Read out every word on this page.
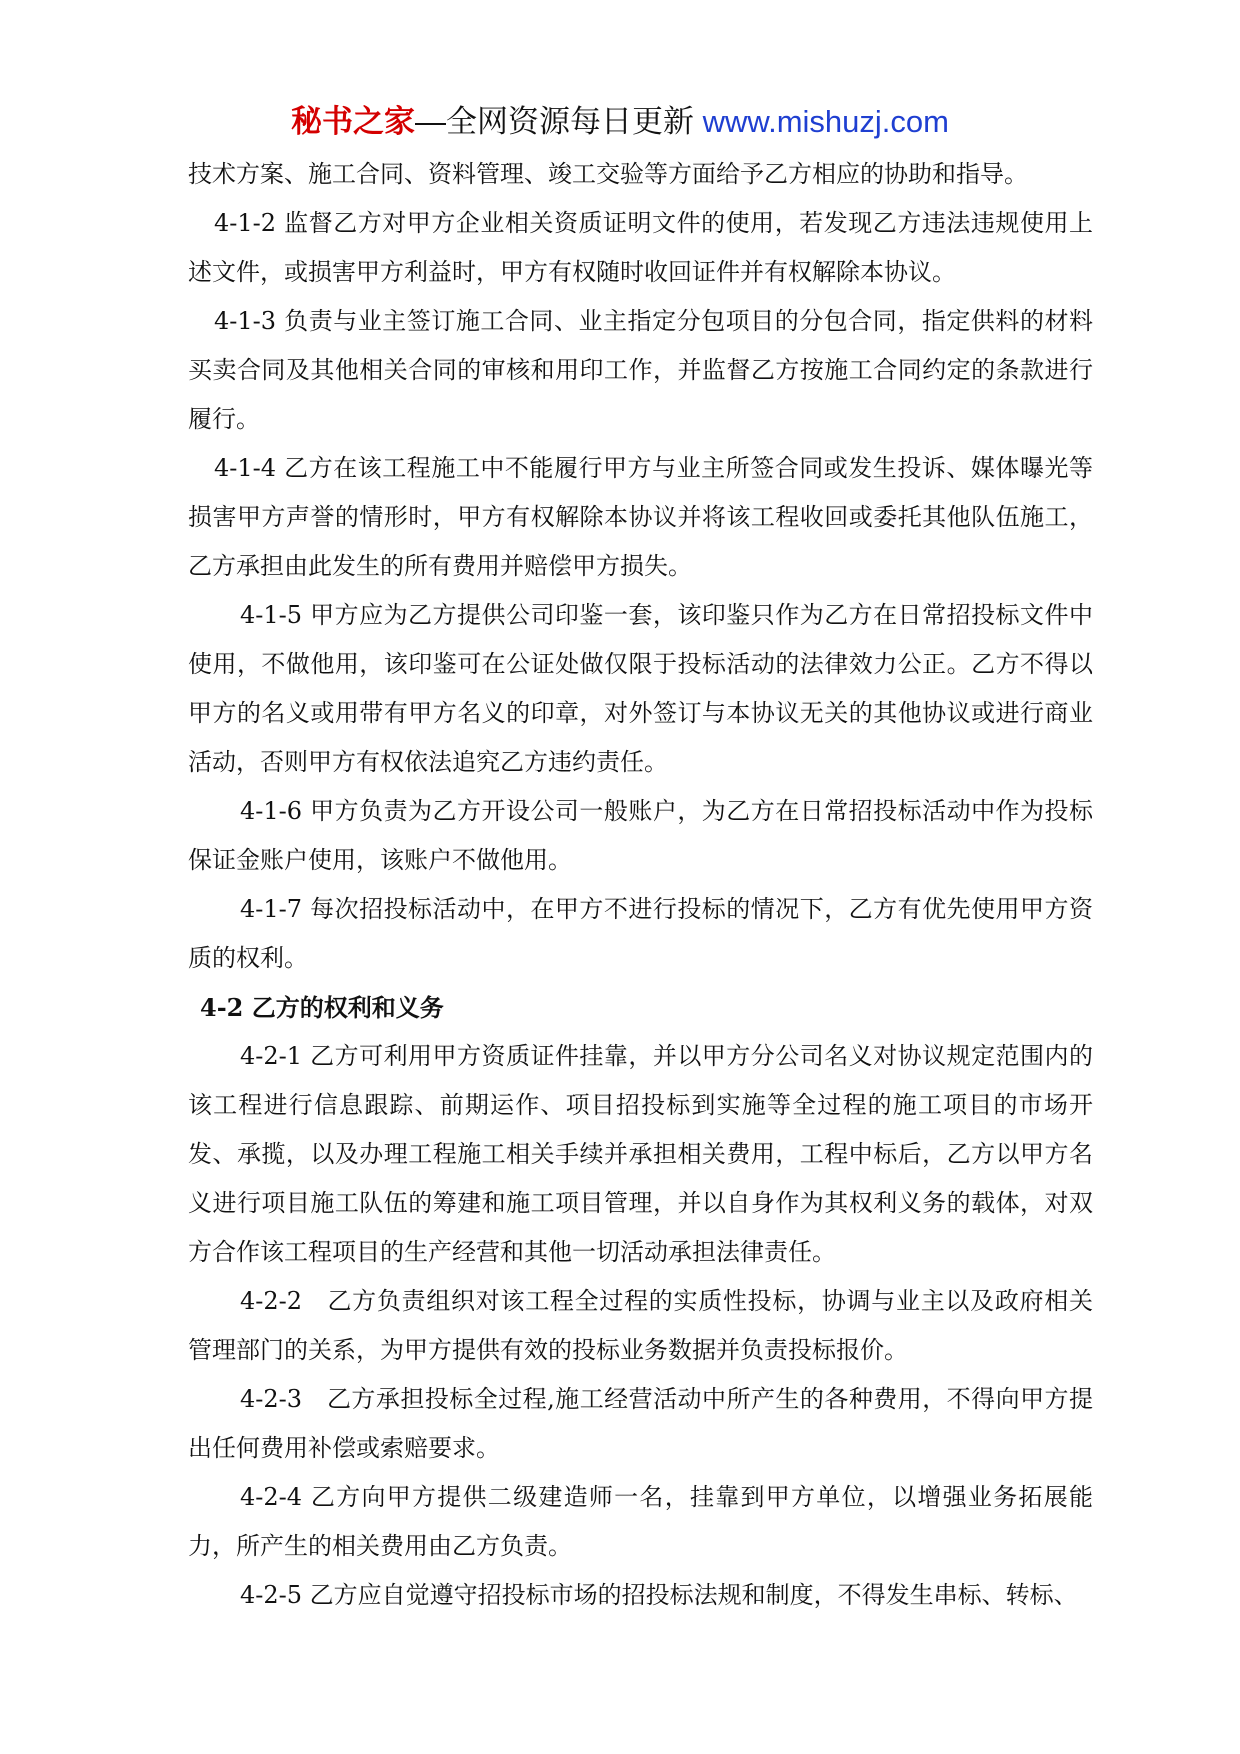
秘书之家—全网资源每日更新 www.mishuzj.com

技术方案、施工合同、资料管理、竣工交验等方面给予乙方相应的协助和指导。

4-1-2 监督乙方对甲方企业相关资质证明文件的使用，若发现乙方违法违规使用上述文件，或损害甲方利益时，甲方有权随时收回证件并有权解除本协议。

4-1-3 负责与业主签订施工合同、业主指定分包项目的分包合同，指定供料的材料买卖合同及其他相关合同的审核和用印工作，并监督乙方按施工合同约定的条款进行履行。

4-1-4 乙方在该工程施工中不能履行甲方与业主所签合同或发生投诉、媒体曝光等损害甲方声誉的情形时，甲方有权解除本协议并将该工程收回或委托其他队伍施工，乙方承担由此发生的所有费用并赔偿甲方损失。

4-1-5 甲方应为乙方提供公司印鉴一套，该印鉴只作为乙方在日常招投标文件中使用，不做他用，该印鉴可在公证处做仅限于投标活动的法律效力公正。乙方不得以甲方的名义或用带有甲方名义的印章，对外签订与本协议无关的其他协议或进行商业活动，否则甲方有权依法追究乙方违约责任。

4-1-6 甲方负责为乙方开设公司一般账户，为乙方在日常招投标活动中作为投标保证金账户使用，该账户不做他用。

4-1-7 每次招投标活动中，在甲方不进行投标的情况下，乙方有优先使用甲方资质的权利。

4-2 乙方的权利和义务

4-2-1 乙方可利用甲方资质证件挂靠，并以甲方分公司名义对协议规定范围内的该工程进行信息跟踪、前期运作、项目招投标到实施等全过程的施工项目的市场开发、承揽，以及办理工程施工相关手续并承担相关费用，工程中标后，乙方以甲方名义进行项目施工队伍的筹建和施工项目管理，并以自身作为其权利义务的载体，对双方合作该工程项目的生产经营和其他一切活动承担法律责任。

4-2-2　乙方负责组织对该工程全过程的实质性投标，协调与业主以及政府相关管理部门的关系，为甲方提供有效的投标业务数据并负责投标报价。

4-2-3　乙方承担投标全过程,施工经营活动中所产生的各种费用，不得向甲方提出任何费用补偿或索赔要求。

4-2-4 乙方向甲方提供二级建造师一名，挂靠到甲方单位，以增强业务拓展能力，所产生的相关费用由乙方负责。

4-2-5 乙方应自觉遵守招投标市场的招投标法规和制度，不得发生串标、转标、
